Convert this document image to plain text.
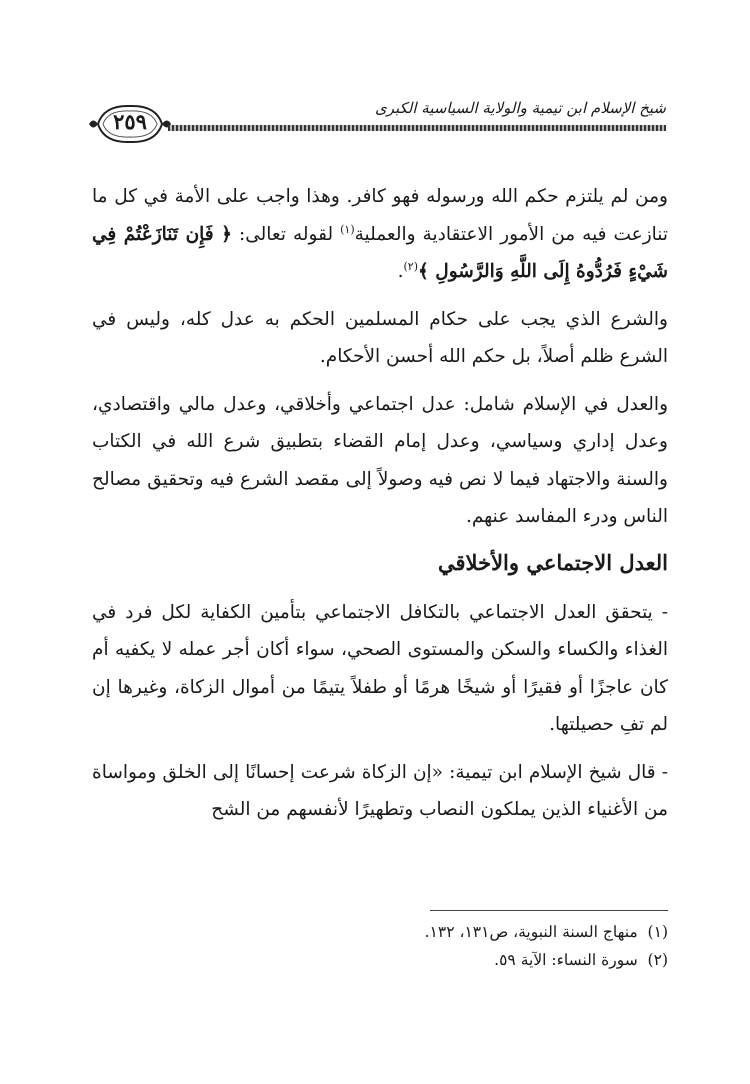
٢٥٩
شيخ الإسلام ابن تيمية والولاية السياسية الكبرى

ومن لم يلتزم حكم الله ورسوله فهو كافر. وهذا واجب على الأمة في كل ما تنازعت فيه من الأمور الاعتقادية والعملية$^{(١)}$ لقوله تعالى: ﴿ فَإِن تَنَازَعْتُمْ فِي شَيْءٍ فَرُدُّوهُ إِلَى اللَّهِ وَالرَّسُولِ ﴾$^{(٢)}$.

والشرع الذي يجب على حكام المسلمين الحكم به عدل كله، وليس في الشرع ظلم أصلاً، بل حكم الله أحسن الأحكام.

والعدل في الإسلام شامل: عدل اجتماعي وأخلاقي، وعدل مالي واقتصادي، وعدل إداري وسياسي، وعدل إمام القضاء بتطبيق شرع الله في الكتاب والسنة والاجتهاد فيما لا نص فيه وصولاً إلى مقصد الشرع فيه وتحقيق مصالح الناس ودرء المفاسد عنهم.

العدل الاجتماعي والأخلاقي

- يتحقق العدل الاجتماعي بالتكافل الاجتماعي بتأمين الكفاية لكل فرد في الغذاء والكساء والسكن والمستوى الصحي، سواء أكان أجر عمله لا يكفيه أم كان عاجزًا أو فقيرًا أو شيخًا هرمًا أو طفلاً يتيمًا من أموال الزكاة، وغيرها إن لم تفِ حصيلتها.

- قال شيخ الإسلام ابن تيمية: «إن الزكاة شرعت إحسانًا إلى الخلق ومواساة من الأغنياء الذين يملكون النصاب وتطهيرًا لأنفسهم من الشح

(١)  منهاج السنة النبوية، ص١٣١، ١٣٢.
(٢)  سورة النساء: الآية ٥٩.
